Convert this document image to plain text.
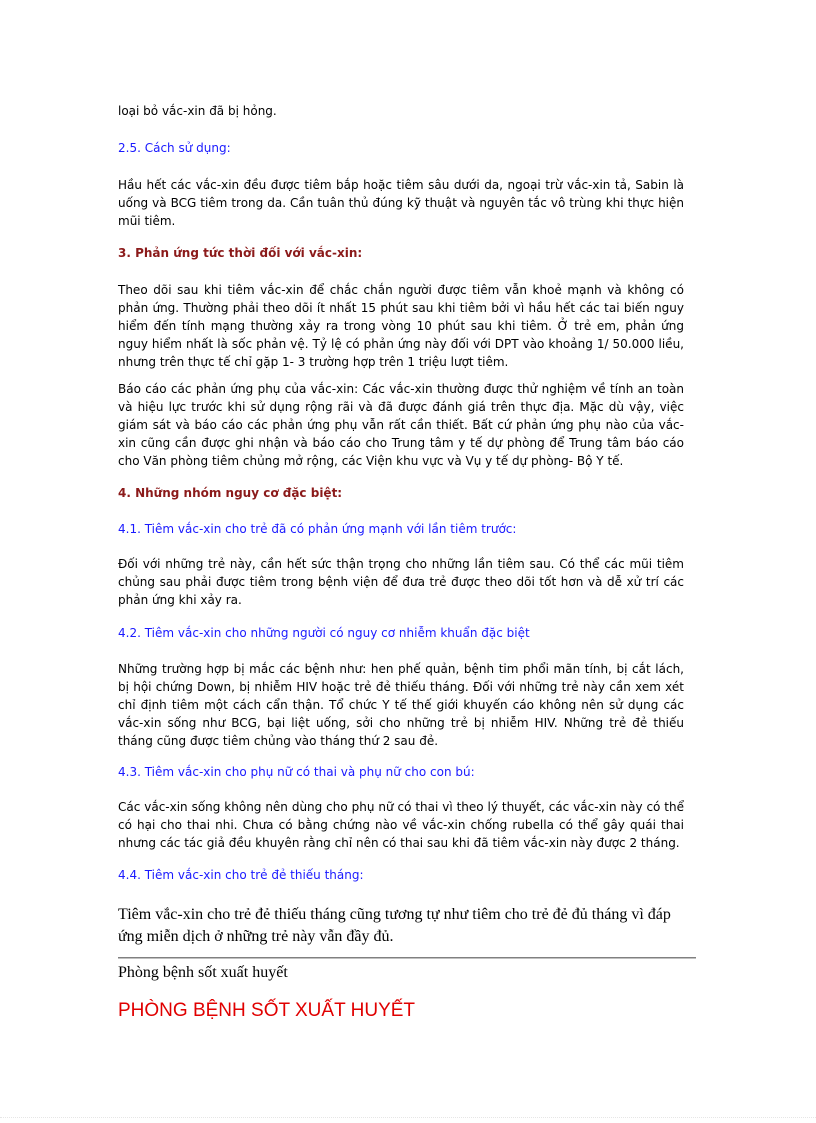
loại bỏ vắc-xin đã bị hỏng.

2.5. Cách sử dụng:

Hầu hết các vắc-xin đều được tiêm bắp hoặc tiêm sâu dưới da, ngoại trừ vắc-xin tả, Sabin là uống và BCG tiêm trong da. Cần tuân thủ đúng kỹ thuật và nguyên tắc vô trùng khi thực hiện mũi tiêm.

3. Phản ứng tức thời đối với vắc-xin:

Theo dõi sau khi tiêm vắc-xin để chắc chắn người được tiêm vẫn khoẻ mạnh và không có phản ứng. Thường phải theo dõi ít nhất 15 phút sau khi tiêm bởi vì hầu hết các tai biến nguy hiểm đến tính mạng thường xảy ra trong vòng 10 phút sau khi tiêm. Ở trẻ em, phản ứng nguy hiểm nhất là sốc phản vệ. Tỷ lệ có phản ứng này đối với DPT vào khoảng 1/ 50.000 liều, nhưng trên thực tế chỉ gặp 1- 3 trường hợp trên 1 triệu lượt tiêm.

Báo cáo các phản ứng phụ của vắc-xin: Các vắc-xin thường được thử nghiệm về tính an toàn và hiệu lực trước khi sử dụng rộng rãi và đã được đánh giá trên thực địa. Mặc dù vậy, việc giám sát và báo cáo các phản ứng phụ vẫn rất cần thiết. Bất cứ phản ứng phụ nào của vắc-xin cũng cần được ghi nhận và báo cáo cho Trung tâm y tế dự phòng để Trung tâm báo cáo cho Văn phòng tiêm chủng mở rộng, các Viện khu vực và Vụ y tế dự phòng- Bộ Y tế.

4. Những nhóm nguy cơ đặc biệt:

4.1. Tiêm vắc-xin cho trẻ đã có phản ứng mạnh với lần tiêm trước:

Đối với những trẻ này, cần hết sức thận trọng cho những lần tiêm sau. Có thể các mũi tiêm chủng sau phải được tiêm trong bệnh viện để đưa trẻ được theo dõi tốt hơn và dễ xử trí các phản ứng khi xảy ra.

4.2. Tiêm vắc-xin cho những người có nguy cơ nhiễm khuẩn đặc biệt

Những trường hợp bị mắc các bệnh như: hen phế quản, bệnh tim phổi mãn tính, bị cắt lách, bị hội chứng Down, bị nhiễm HIV hoặc trẻ đẻ thiếu tháng. Đối với những trẻ này cần xem xét chỉ định tiêm một cách cẩn thận. Tổ chức Y tế thế giới khuyến cáo không nên sử dụng các vắc-xin sống như BCG, bại liệt uống, sởi cho những trẻ bị nhiễm HIV. Những trẻ đẻ thiếu tháng cũng được tiêm chủng vào tháng thứ 2 sau đẻ.

4.3. Tiêm vắc-xin cho phụ nữ có thai và phụ nữ cho con bú:

Các vắc-xin sống không nên dùng cho phụ nữ có thai vì theo lý thuyết, các vắc-xin này có thể có hại cho thai nhi. Chưa có bằng chứng nào về vắc-xin chống rubella có thể gây quái thai nhưng các tác giả đều khuyên rằng chỉ nên có thai sau khi đã tiêm vắc-xin này được 2 tháng.

4.4. Tiêm vắc-xin cho trẻ đẻ thiếu tháng:

Tiêm vắc-xin cho trẻ đẻ thiếu tháng cũng tương tự như tiêm cho trẻ đẻ đủ tháng vì đáp ứng miễn dịch ở những trẻ này vẫn đầy đủ.

Phòng bệnh sốt xuất huyết

PHÒNG BỆNH SỐT XUẤT HUYẾT
